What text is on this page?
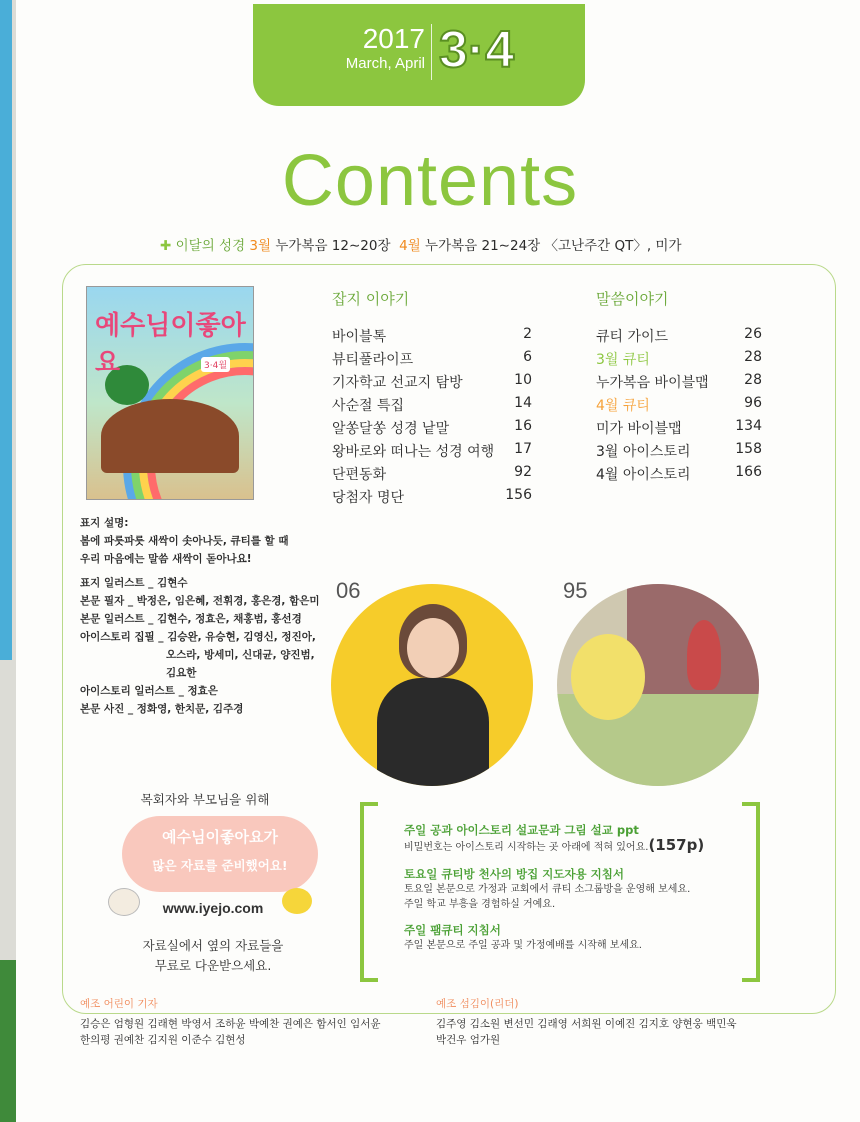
2017
March, April 3·4
Contents
✚ 이달의 성경 3월 누가복음 12∼20장 4월 누가복음 21∼24장 〈고난주간 QT〉, 미가
예수님이좋아요	3·4월
잡지 이야기
바이블톡	2
뷰티풀라이프	6
기자학교 선교지 탐방	10
사순절 특집	14
알쏭달쏭 성경 낱말	16
왕바로와 떠나는 성경 여행 17
단편동화	92
당첨자 명단	156
말씀이야기
큐티 가이드	26
3월 큐티	28
누가복음 바이블맵	28
4월 큐티	96
미가 바이블맵	134
3월 아이스토리	158
4월 아이스토리	166
표지 설명:
봄에 파릇파릇 새싹이 솟아나듯, 큐티를 할 때
우리 마음에는 말씀 새싹이 돋아나요!
표지 일러스트 _ 김현수
본문 필자 _ 박정은, 임은혜, 전휘경, 홍은경, 함은미
본문 일러스트 _ 김현수, 정효은, 채홍범, 홍선경
아이스토리 집필 _ 김승완, 유승현, 김영신, 정진아,
오스라, 방세미, 신대균, 양진범,
김요한
아이스토리 일러스트 _ 정효은
본문 사진 _ 정화영, 한치문, 김주경
06	95
목회자와 부모님을 위해
예수님이좋아요가
많은 자료를 준비했어요!
www.iyejo.com
자료실에서 옆의 자료들을
무료로 다운받으세요.
주일 공과 아이스토리 설교문과 그림 설교 ppt
비밀번호는 아이스토리 시작하는 곳 아래에 적혀 있어요.(157p)
토요일 큐티방 천사의 방집 지도자용 지침서
토요일 본문으로 가정과 교회에서 큐티 소그룹방을 운영해 보세요.
주일 학교 부흥을 경험하실 거예요.
주일 팸큐티 지침서
주일 본문으로 주일 공과 및 가정예배를 시작해 보세요.
예조 어린이 기자
김승은 엄형원 김래현 박영서 조하윤 박예찬 권예은 함서인 임서윤
한의평 권예찬 김지원 이준수 김현성
예조 섬김이(리더)
김주영 김소원 변선민 김래영 서희원 이예진 김지호 양현웅 백민욱
박건우 엄가원
